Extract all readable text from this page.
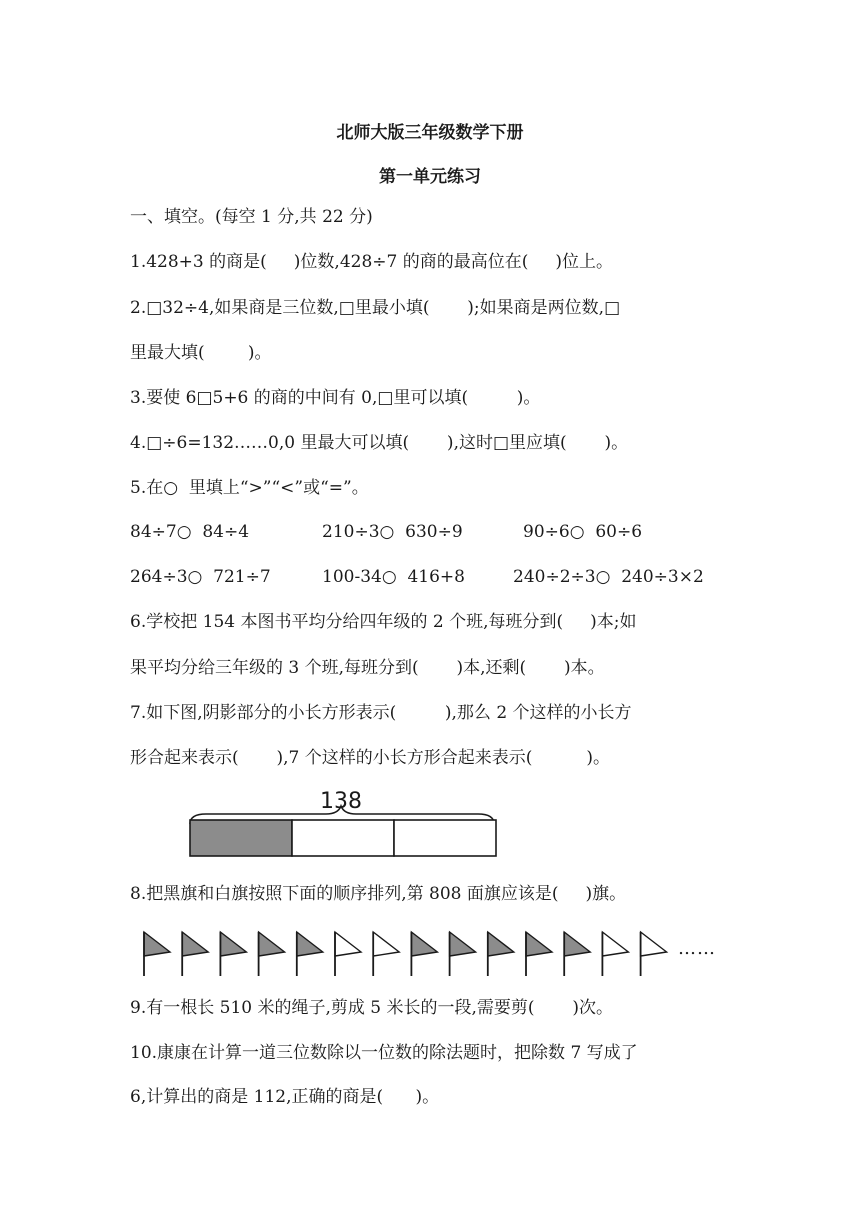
北师大版三年级数学下册
第一单元练习
一、填空。(每空 1 分,共 22 分)
1.428+3 的商是(     )位数,428÷7 的商的最高位在(     )位上。
2.□32÷4,如果商是三位数,□里最小填(       );如果商是两位数,□
里最大填(        )。
3.要使 6□5+6 的商的中间有 0,□里可以填(         )。
4.□÷6=132……0,0 里最大可以填(       ),这时□里应填(       )。
5.在○  里填上“>”“<”或“=”。
84÷7○  84÷4	210÷3○  630÷9	90÷6○  60÷6
264÷3○  721÷7	100-34○  416+8	240÷2÷3○  240÷3×2
6.学校把 154 本图书平均分给四年级的 2 个班,每班分到(     )本;如
果平均分给三年级的 3 个班,每班分到(       )本,还剩(       )本。
7.如下图,阴影部分的小长方形表示(         ),那么 2 个这样的小长方
形合起来表示(       ),7 个这样的小长方形合起来表示(          )。
138
8.把黑旗和白旗按照下面的顺序排列,第 808 面旗应该是(     )旗。
……
9.有一根长 510 米的绳子,剪成 5 米长的一段,需要剪(       )次。
10.康康在计算一道三位数除以一位数的除法题时，把除数 7 写成了
6,计算出的商是 112,正确的商是(      )。
